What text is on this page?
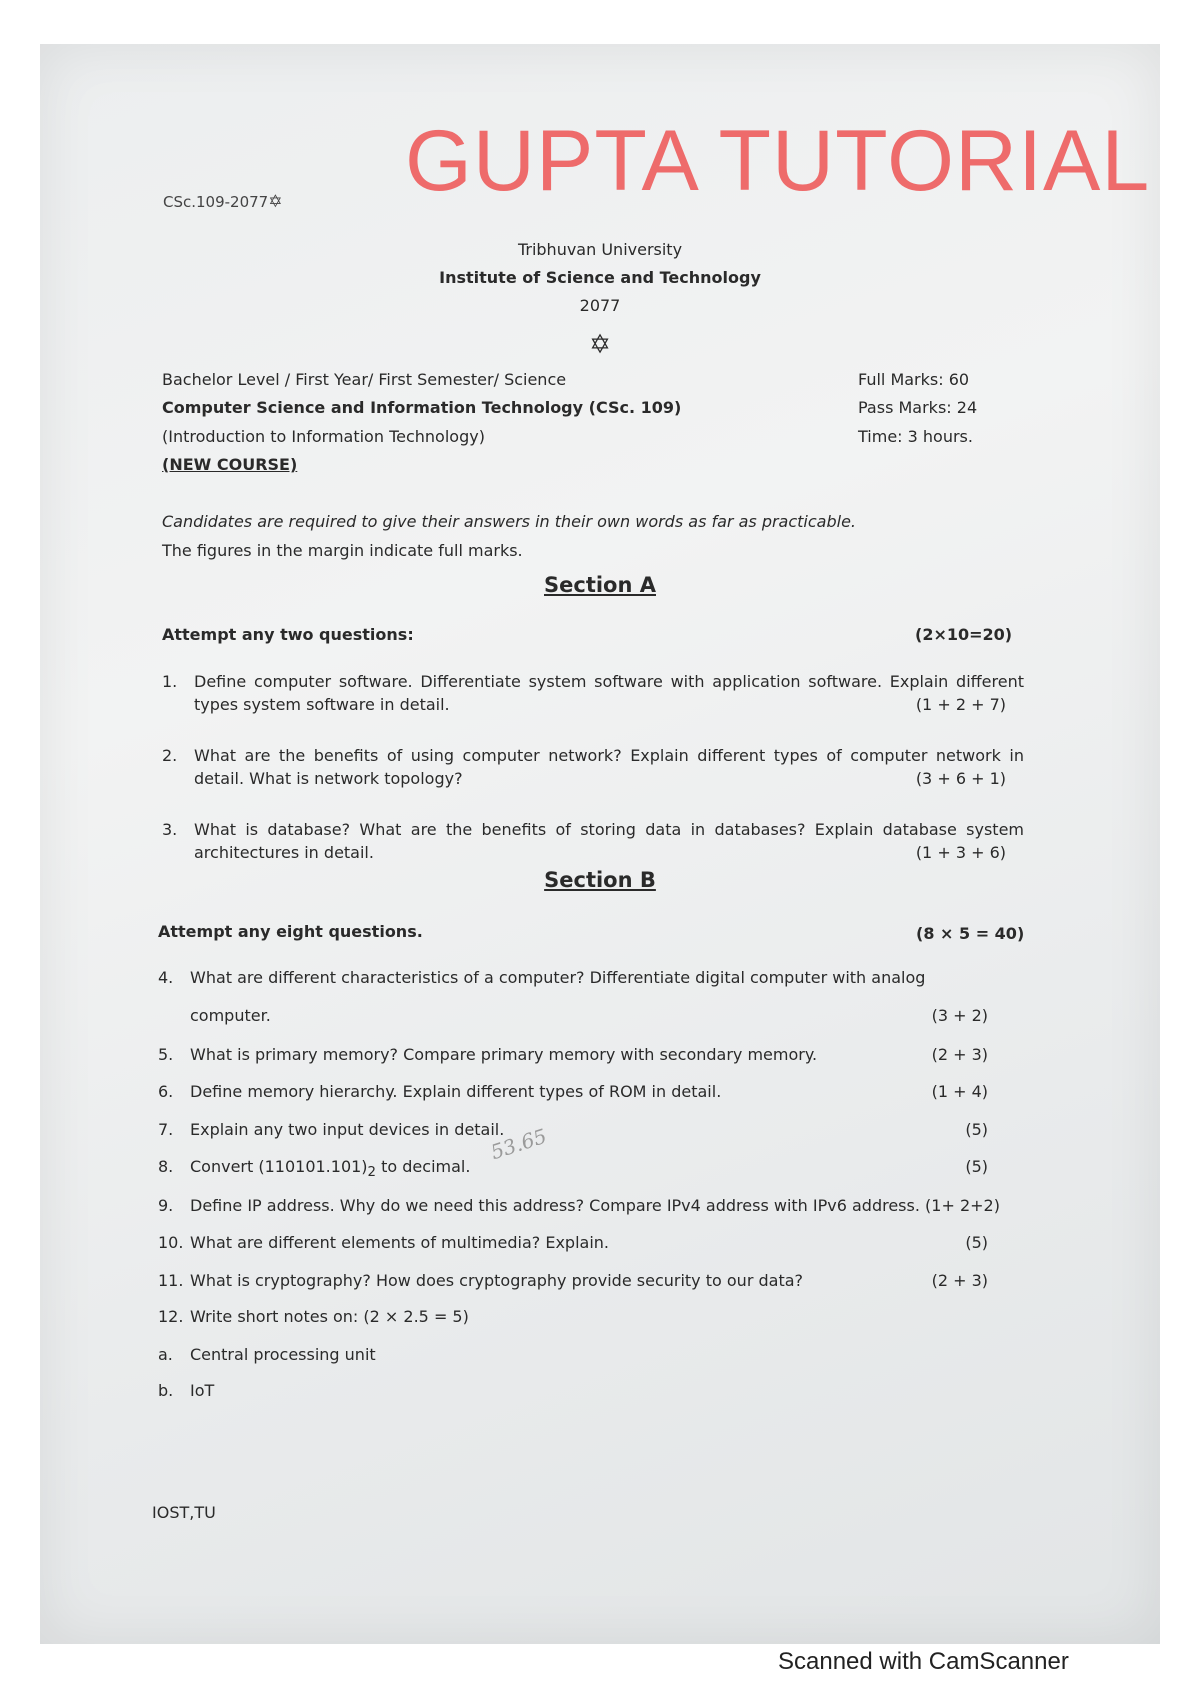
GUPTA TUTORIAL
CSc.109-2077✡
Tribhuvan University
Institute of Science and Technology
2077
✡
Bachelor Level / First Year/ First Semester/ Science
Computer Science and Information Technology (CSc. 109)
(Introduction to Information Technology)
(NEW COURSE)
Full Marks: 60
Pass Marks: 24
Time: 3 hours.
Candidates are required to give their answers in their own words as far as practicable.
The figures in the margin indicate full marks.
Section A
Attempt any two questions:	(2×10=20)
1. Define computer software. Differentiate system software with application software. Explain different types system software in detail.	(1 + 2 + 7)
2. What are the benefits of using computer network? Explain different types of computer network in detail. What is network topology?	(3 + 6 + 1)
3. What is database? What are the benefits of storing data in databases? Explain database system architectures in detail.	(1 + 3 + 6)
Section B
Attempt any eight questions.	(8 × 5 = 40)
4. What are different characteristics of a computer? Differentiate digital computer with analog
computer.	(3 + 2)
5. What is primary memory? Compare primary memory with secondary memory.	(2 + 3)
6. Define memory hierarchy. Explain different types of ROM in detail.	(1 + 4)
7. Explain any two input devices in detail.	(5)
8. Convert $(110101.101)_2$ to decimal.	(5)
53.65
9. Define IP address. Why do we need this address? Compare IPv4 address with IPv6 address. (1+ 2+2)
10. What are different elements of multimedia? Explain.	(5)
11. What is cryptography? How does cryptography provide security to our data?	(2 + 3)
12. Write short notes on: (2 × 2.5 = 5)
a. Central processing unit
b. IoT
IOST,TU
Scanned with CamScanner
